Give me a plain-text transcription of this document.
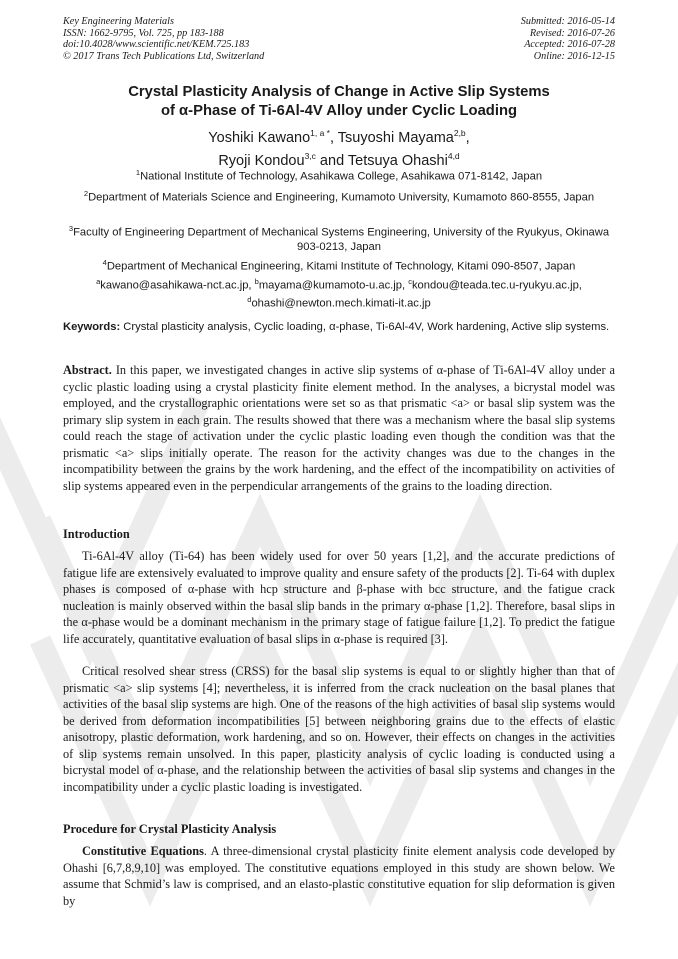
Key Engineering Materials
ISSN: 1662-9795, Vol. 725, pp 183-188
doi:10.4028/www.scientific.net/KEM.725.183
© 2017 Trans Tech Publications Ltd, Switzerland
Submitted: 2016-05-14
Revised: 2016-07-26
Accepted: 2016-07-28
Online: 2016-12-15
Crystal Plasticity Analysis of Change in Active Slip Systems
of α-Phase of Ti-6Al-4V Alloy under Cyclic Loading
Yoshiki Kawano$^{1, a *}$, Tsuyoshi Mayama$^{2,b}$,
Ryoji Kondou$^{3,c}$ and Tetsuya Ohashi$^{4,d}$
$^1$National Institute of Technology, Asahikawa College, Asahikawa 071-8142, Japan
$^2$Department of Materials Science and Engineering, Kumamoto University, Kumamoto 860-8555, Japan
$^3$Faculty of Engineering Department of Mechanical Systems Engineering, University of the Ryukyus, Okinawa 903-0213, Japan
$^4$Department of Mechanical Engineering, Kitami Institute of Technology, Kitami 090-8507, Japan
$^a$kawano@asahikawa-nct.ac.jp, $^b$mayama@kumamoto-u.ac.jp, $^c$kondou@teada.tec.u-ryukyu.ac.jp,
$^d$ohashi@newton.mech.kimati-it.ac.jp
Keywords: Crystal plasticity analysis, Cyclic loading, α-phase, Ti-6Al-4V, Work hardening, Active slip systems.
Abstract. In this paper, we investigated changes in active slip systems of α-phase of Ti-6Al-4V alloy under a cyclic plastic loading using a crystal plasticity finite element method. In the analyses, a bicrystal model was employed, and the crystallographic orientations were set so as that prismatic <a> or basal slip system was the primary slip system in each grain. The results showed that there was a mechanism where the basal slip systems could reach the stage of activation under the cyclic plastic loading even though the condition was that the prismatic <a> slips initially operate. The reason for the activity changes was due to the changes in the incompatibility between the grains by the work hardening, and the effect of the incompatibility on activities of slip systems appeared even in the perpendicular arrangements of the grains to the loading direction.
Introduction
Ti-6Al-4V alloy (Ti-64) has been widely used for over 50 years [1,2], and the accurate predictions of fatigue life are extensively evaluated to improve quality and ensure safety of the products [2]. Ti-64 with duplex phases is composed of α-phase with hcp structure and β-phase with bcc structure, and the fatigue crack nucleation is mainly observed within the basal slip bands in the primary α-phase [1,2]. Therefore, basal slips in the α-phase would be a dominant mechanism in the primary stage of fatigue failure [1,2]. To predict the fatigue life accurately, quantitative evaluation of basal slips in α-phase is required [3].
Critical resolved shear stress (CRSS) for the basal slip systems is equal to or slightly higher than that of prismatic <a> slip systems [4]; nevertheless, it is inferred from the crack nucleation on the basal planes that activities of the basal slip systems are high. One of the reasons of the high activities of basal slip systems would be derived from deformation incompatibilities [5] between neighboring grains due to the effects of elastic anisotropy, plastic deformation, work hardening, and so on. However, their effects on changes in the activities of slip systems remain unsolved. In this paper, plasticity analysis of cyclic loading is conducted using a bicrystal model of α-phase, and the relationship between the activities of basal slip systems and changes in the incompatibility under a cyclic plastic loading is investigated.
Procedure for Crystal Plasticity Analysis
Constitutive Equations. A three-dimensional crystal plasticity finite element analysis code developed by Ohashi [6,7,8,9,10] was employed. The constitutive equations employed in this study are shown below. We assume that Schmid’s law is comprised, and an elasto-plastic constitutive equation for slip deformation is given by
